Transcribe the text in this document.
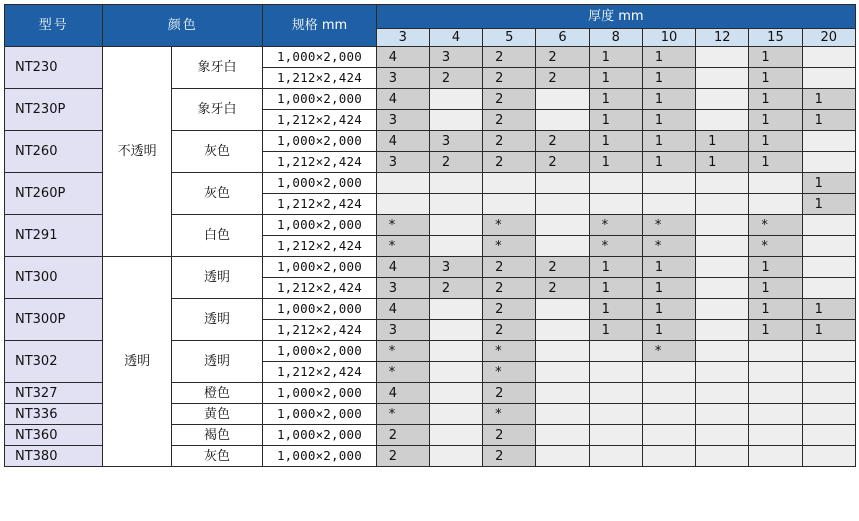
型号	颜色		规格 mm	厚度 mm								
				3	4	5	6	8	10	12	15	20
NT230	不透明	象牙白	1,000×2,000	4	3	2	2	1	1		1	
			1,212×2,424	3	2	2	2	1	1		1	
NT230P		象牙白	1,000×2,000	4		2		1	1		1	1
			1,212×2,424	3		2		1	1		1	1
NT260		灰色	1,000×2,000	4	3	2	2	1	1	1	1	
			1,212×2,424	3	2	2	2	1	1	1	1	
NT260P		灰色	1,000×2,000									1
			1,212×2,424									1
NT291		白色	1,000×2,000	*		*		*	*		*	
			1,212×2,424	*		*		*	*		*	
NT300	透明	透明	1,000×2,000	4	3	2	2	1	1		1	
			1,212×2,424	3	2	2	2	1	1		1	
NT300P		透明	1,000×2,000	4		2		1	1		1	1
			1,212×2,424	3		2		1	1		1	1
NT302		透明	1,000×2,000	*		*			*			
			1,212×2,424	*		*						
NT327		橙色	1,000×2,000	4		2						
NT336		黄色	1,000×2,000	*		*						
NT360		褐色	1,000×2,000	2		2						
NT380		灰色	1,000×2,000	2		2						
